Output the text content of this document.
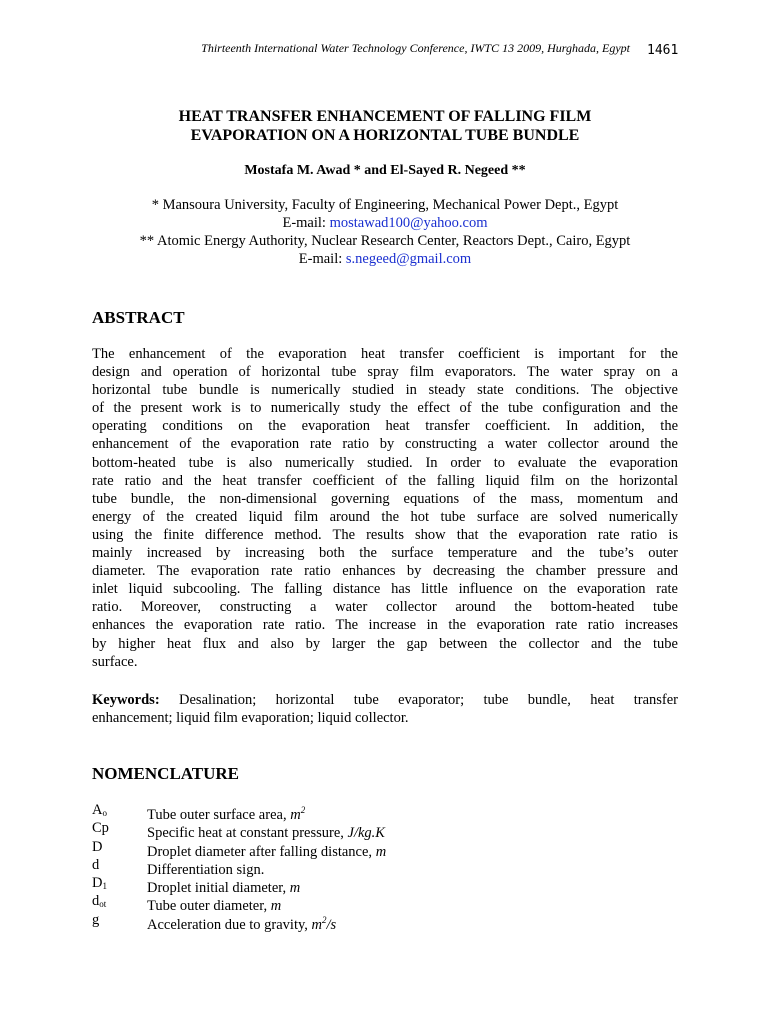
Thirteenth International Water Technology Conference, IWTC 13 2009, Hurghada, Egypt 1461
HEAT TRANSFER ENHANCEMENT OF FALLING FILM
EVAPORATION ON A HORIZONTAL TUBE BUNDLE
Mostafa M. Awad * and El-Sayed R. Negeed **
* Mansoura University, Faculty of Engineering, Mechanical Power Dept., Egypt
E-mail: mostawad100@yahoo.com
** Atomic Energy Authority, Nuclear Research Center, Reactors Dept., Cairo, Egypt
E-mail: s.negeed@gmail.com
ABSTRACT
The enhancement of the evaporation heat transfer coefficient is important for the
design and operation of horizontal tube spray film evaporators. The water spray on a
horizontal tube bundle is numerically studied in steady state conditions. The objective
of the present work is to numerically study the effect of the tube configuration and the
operating conditions on the evaporation heat transfer coefficient. In addition, the
enhancement of the evaporation rate ratio by constructing a water collector around the
bottom-heated tube is also numerically studied. In order to evaluate the evaporation
rate ratio and the heat transfer coefficient of the falling liquid film on the horizontal
tube bundle, the non-dimensional governing equations of the mass, momentum and
energy of the created liquid film around the hot tube surface are solved numerically
using the finite difference method. The results show that the evaporation rate ratio is
mainly increased by increasing both the surface temperature and the tube’s outer
diameter. The evaporation rate ratio enhances by decreasing the chamber pressure and
inlet liquid subcooling. The falling distance has little influence on the evaporation rate
ratio. Moreover, constructing a water collector around the bottom-heated tube
enhances the evaporation rate ratio. The increase in the evaporation rate ratio increases
by higher heat flux and also by larger the gap between the collector and the tube
surface.
Keywords: Desalination; horizontal tube evaporator; tube bundle, heat transfer
enhancement; liquid film evaporation; liquid collector.
NOMENCLATURE
$A_o$	Tube outer surface area, $m^2$
Cp	Specific heat at constant pressure, J/kg.K
D	Droplet diameter after falling distance, m
d	Differentiation sign.
$D_1$	Droplet initial diameter, m
$d_{ot}$	Tube outer diameter, m
g	Acceleration due to gravity, $m^2/s$
